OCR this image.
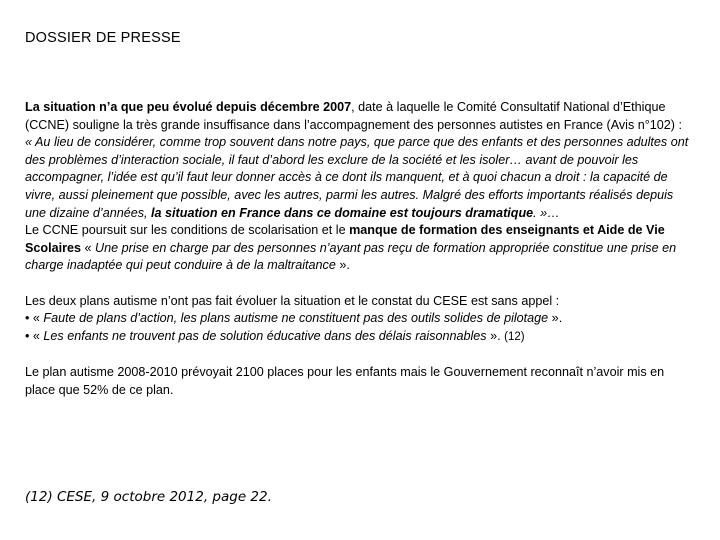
DOSSIER DE PRESSE

La situation n’a que peu évolué depuis décembre 2007, date à laquelle le Comité Consultatif National d’Ethique (CCNE) souligne la très grande insuffisance dans l’accompagnement des personnes autistes en France (Avis n°102) :
« Au lieu de considérer, comme trop souvent dans notre pays, que parce que des enfants et des personnes adultes ont des problèmes d’interaction sociale, il faut d’abord les exclure de la société et les isoler… avant de pouvoir les accompagner, l’idée est qu’il faut leur donner accès à ce dont ils manquent, et à quoi chacun a droit : la capacité de vivre, aussi pleinement que possible, avec les autres, parmi les autres. Malgré des efforts importants réalisés depuis une dizaine d’années, la situation en France dans ce domaine est toujours dramatique. »…

Le CCNE poursuit sur les conditions de scolarisation et le manque de formation des enseignants et Aide de Vie Scolaires « Une prise en charge par des personnes n’ayant pas reçu de formation appropriée constitue une prise en charge inadaptée qui peut conduire à de la maltraitance ».

Les deux plans autisme n’ont pas fait évoluer la situation et le constat du CESE est sans appel :
• « Faute de plans d’action, les plans autisme ne constituent pas des outils solides de pilotage ».
• « Les enfants ne trouvent pas de solution éducative dans des délais raisonnables ». (12)

Le plan autisme 2008-2010 prévoyait 2100 places pour les enfants mais le Gouvernement reconnaît n’avoir mis en place que 52% de ce plan.

(12) CESE, 9 octobre 2012, page 22.
